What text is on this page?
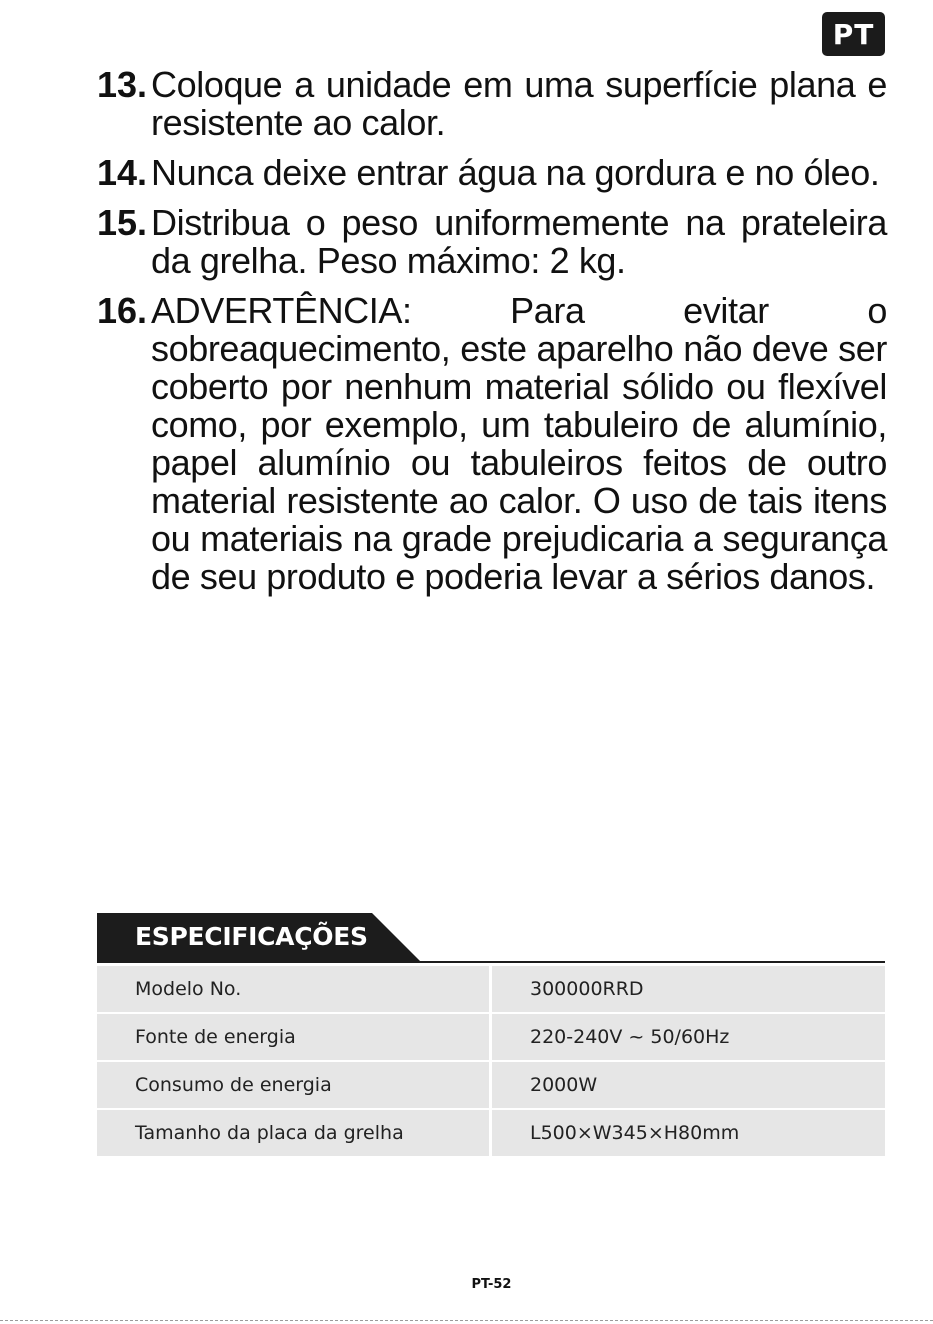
PT
13. Coloque a unidade em uma superfície plana e resistente ao calor.
14. Nunca deixe entrar água na gordura e no óleo.
15. Distribua o peso uniformemente na prateleira da grelha. Peso máximo: 2 kg.
16. ADVERTÊNCIA: Para evitar o sobreaquecimento, este aparelho não deve ser coberto por nenhum material sólido ou flexível como, por exemplo, um tabuleiro de alumínio, papel alumínio ou tabuleiros feitos de outro material resistente ao calor. O uso de tais itens ou materiais na grade prejudicaria a segurança de seu produto e poderia levar a sérios danos.
ESPECIFICAÇÕES
Modelo No.	300000RRD
Fonte de energia	220-240V ~ 50/60Hz
Consumo de energia	2000W
Tamanho da placa da grelha	L500×W345×H80mm
PT-52
